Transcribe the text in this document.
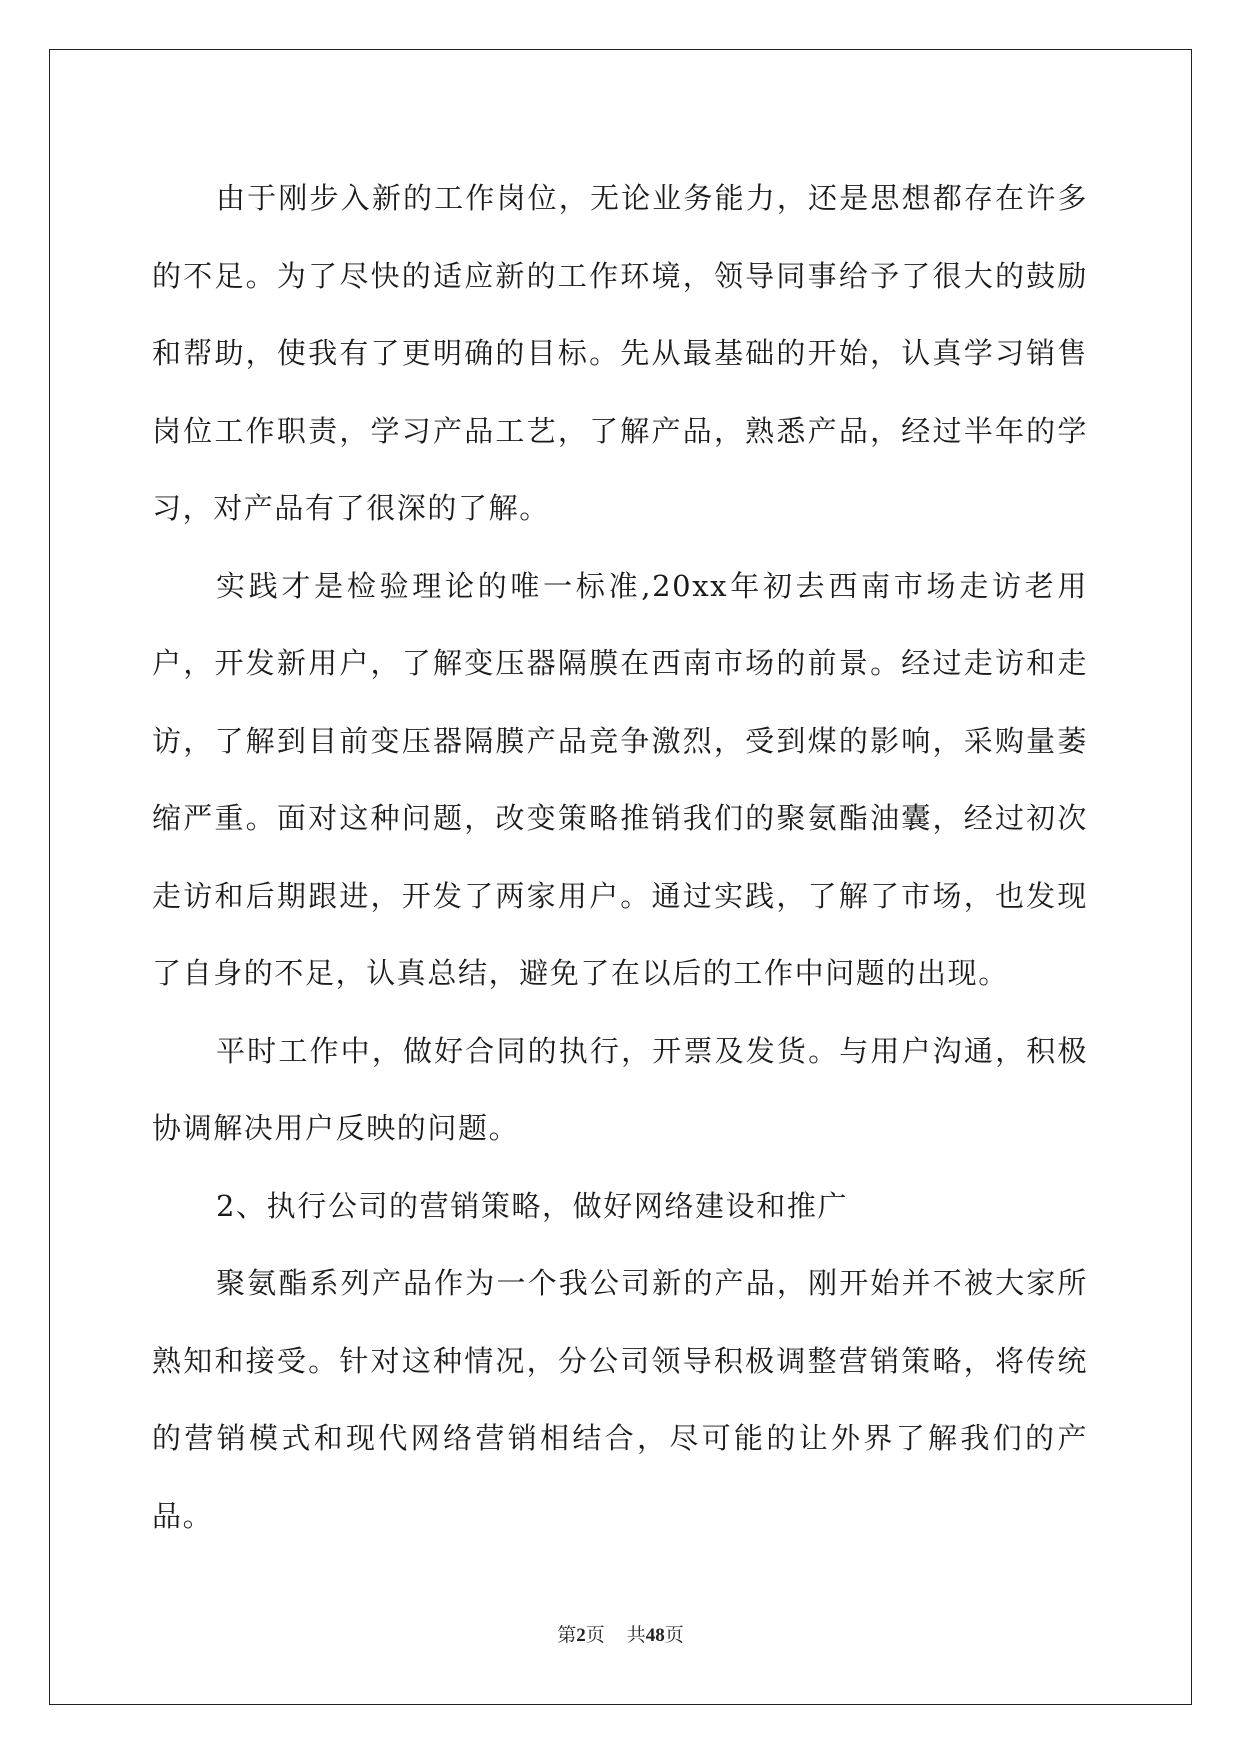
由于刚步入新的工作岗位，无论业务能力，还是思想都存在许多的不足。为了尽快的适应新的工作环境，领导同事给予了很大的鼓励和帮助，使我有了更明确的目标。先从最基础的开始，认真学习销售岗位工作职责，学习产品工艺，了解产品，熟悉产品，经过半年的学习，对产品有了很深的了解。

实践才是检验理论的唯一标准,20xx年初去西南市场走访老用户，开发新用户，了解变压器隔膜在西南市场的前景。经过走访和走访，了解到目前变压器隔膜产品竞争激烈，受到煤的影响，采购量萎缩严重。面对这种问题，改变策略推销我们的聚氨酯油囊，经过初次走访和后期跟进，开发了两家用户。通过实践，了解了市场，也发现了自身的不足，认真总结，避免了在以后的工作中问题的出现。

平时工作中，做好合同的执行，开票及发货。与用户沟通，积极协调解决用户反映的问题。

2、执行公司的营销策略，做好网络建设和推广

聚氨酯系列产品作为一个我公司新的产品，刚开始并不被大家所熟知和接受。针对这种情况，分公司领导积极调整营销策略，将传统的营销模式和现代网络营销相结合，尽可能的让外界了解我们的产品。

第2页 共48页
